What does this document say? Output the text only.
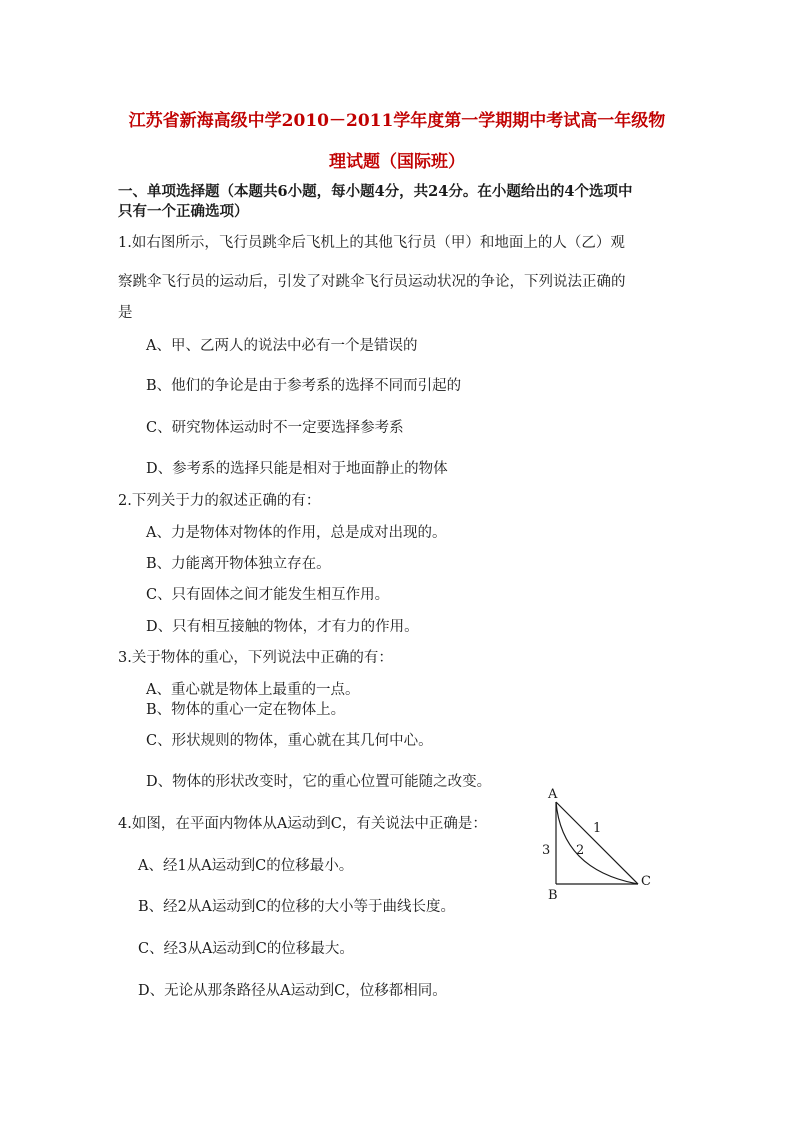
江苏省新海高级中学2010－2011学年度第一学期期中考试高一年级物
理试题（国际班）
一、单项选择题（本题共6小题，每小题4分，共24分。在小题给出的4个选项中
只有一个正确选项）
1.如右图所示，飞行员跳伞后飞机上的其他飞行员（甲）和地面上的人（乙）观
察跳伞飞行员的运动后，引发了对跳伞飞行员运动状况的争论，下列说法正确的
是
A、甲、乙两人的说法中必有一个是错误的
B、他们的争论是由于参考系的选择不同而引起的
C、研究物体运动时不一定要选择参考系
D、参考系的选择只能是相对于地面静止的物体
2.下列关于力的叙述正确的有：
A、力是物体对物体的作用，总是成对出现的。
B、力能离开物体独立存在。
C、只有固体之间才能发生相互作用。
D、只有相互接触的物体，才有力的作用。
3.关于物体的重心，下列说法中正确的有：
A、重心就是物体上最重的一点。
B、物体的重心一定在物体上。
C、形状规则的物体，重心就在其几何中心。
D、物体的形状改变时，它的重心位置可能随之改变。
4.如图，在平面内物体从A运动到C，有关说法中正确是：
A、经1从A运动到C的位移最小。
B、经2从A运动到C的位移的大小等于曲线长度。
C、经3从A运动到C的位移最大。
D、无论从那条路径从A运动到C，位移都相同。
A
B
C
1
2
3
